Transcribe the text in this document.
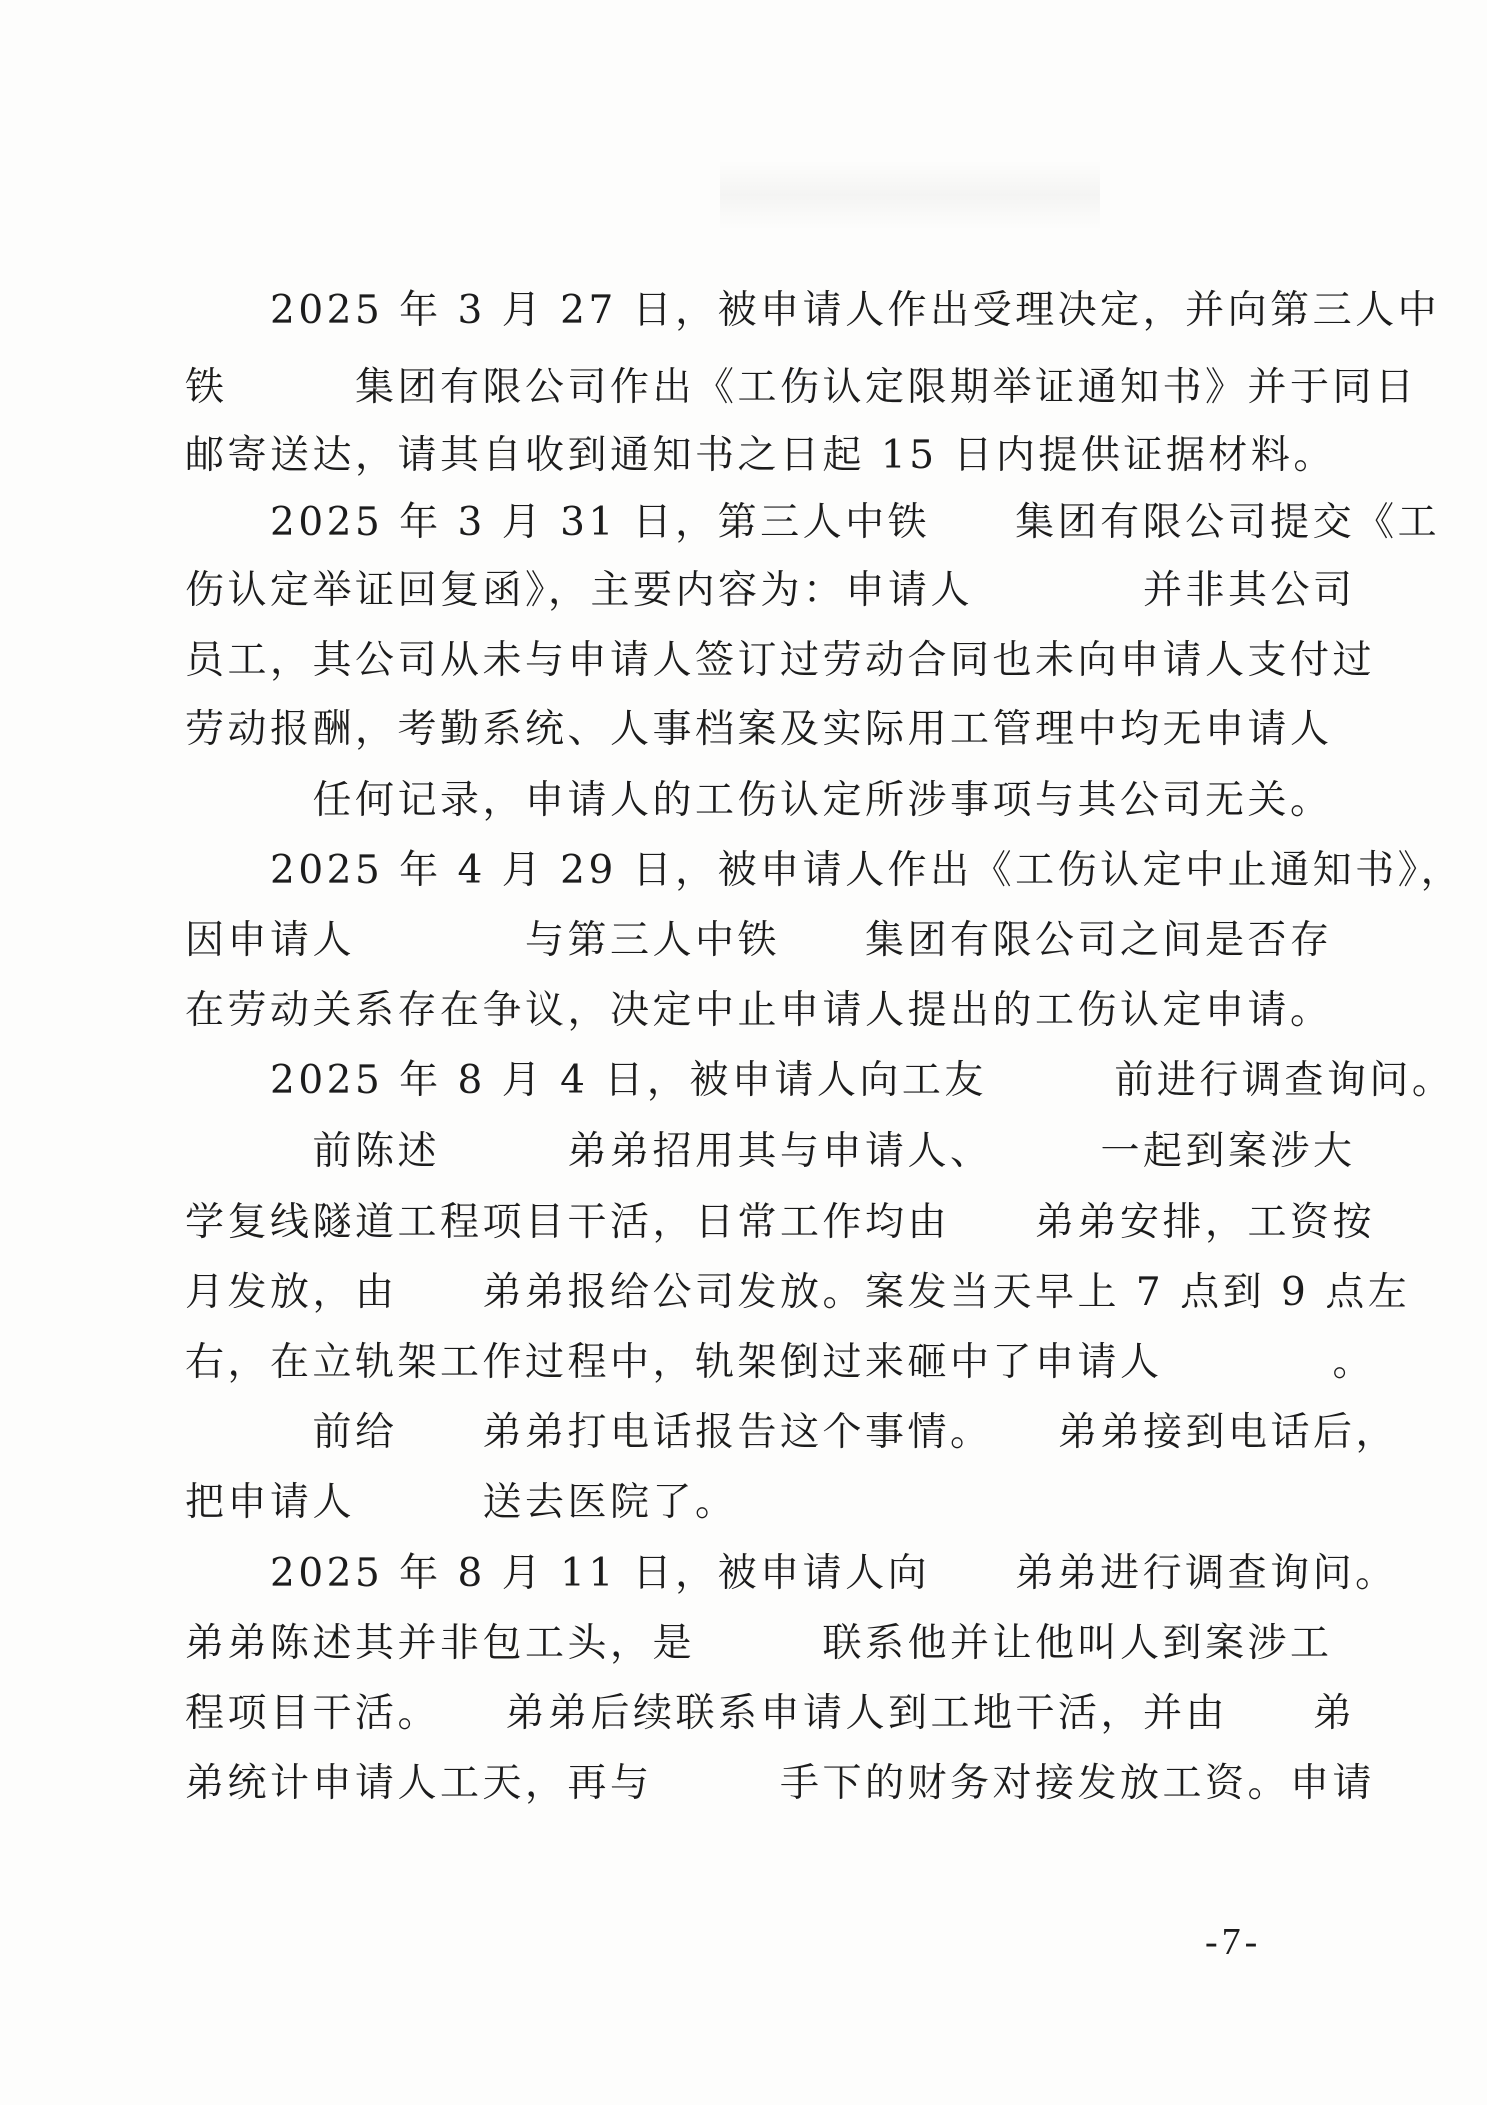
　　2025 年 3 月 27 日，被申请人作出受理决定，并向第三人中
铁　　　集团有限公司作出《工伤认定限期举证通知书》并于同日
邮寄送达，请其自收到通知书之日起 15 日内提供证据材料。
　　2025 年 3 月 31 日，第三人中铁　　集团有限公司提交《工
伤认定举证回复函》，主要内容为：申请人　　　　并非其公司
员工，其公司从未与申请人签订过劳动合同也未向申请人支付过
劳动报酬，考勤系统、人事档案及实际用工管理中均无申请人
　　　任何记录，申请人的工伤认定所涉事项与其公司无关。
　　2025 年 4 月 29 日，被申请人作出《工伤认定中止通知书》，
因申请人　　　　与第三人中铁　　集团有限公司之间是否存
在劳动关系存在争议，决定中止申请人提出的工伤认定申请。
　　2025 年 8 月 4 日，被申请人向工友　　　前进行调查询问。
　　　前陈述　　　弟弟招用其与申请人、　　　一起到案涉大
学复线隧道工程项目干活，日常工作均由　　弟弟安排，工资按
月发放，由　　弟弟报给公司发放。案发当天早上 7 点到 9 点左
右，在立轨架工作过程中，轨架倒过来砸中了申请人　　　　。
　　　前给　　弟弟打电话报告这个事情。　　弟弟接到电话后，
把申请人　　　送去医院了。
　　2025 年 8 月 11 日，被申请人向　　弟弟进行调查询问。
弟弟陈述其并非包工头，是　　　联系他并让他叫人到案涉工
程项目干活。　　弟弟后续联系申请人到工地干活，并由　　弟
弟统计申请人工天，再与　　　手下的财务对接发放工资。申请
-7-
